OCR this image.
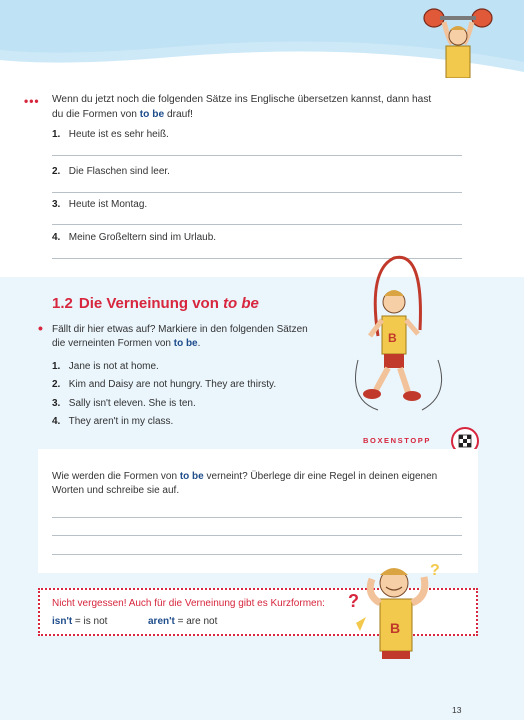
••• Wenn du jetzt noch die folgenden Sätze ins Englische übersetzen kannst, dann hast du die Formen von to be drauf!

1. Heute ist es sehr heiß.
2. Die Flaschen sind leer.
3. Heute ist Montag.
4. Meine Großeltern sind im Urlaub.
1.2 Die Verneinung von to be
B
• Fällt dir hier etwas auf? Markiere in den folgenden Sätzen die verneinten Formen von to be.

1. Jane is not at home.
2. Kim and Daisy are not hungry. They are thirsty.
3. Sally isn't eleven. She is ten.
4. They aren't in my class.
BOXENSTOPP

Wie werden die Formen von to be verneint? Überlege dir eine Regel in deinen eigenen Worten und schreibe sie auf.

Nicht vergessen! Auch für die Verneinung gibt es Kurzformen:
isn't = is not	aren't = are not
?
?
B
13
